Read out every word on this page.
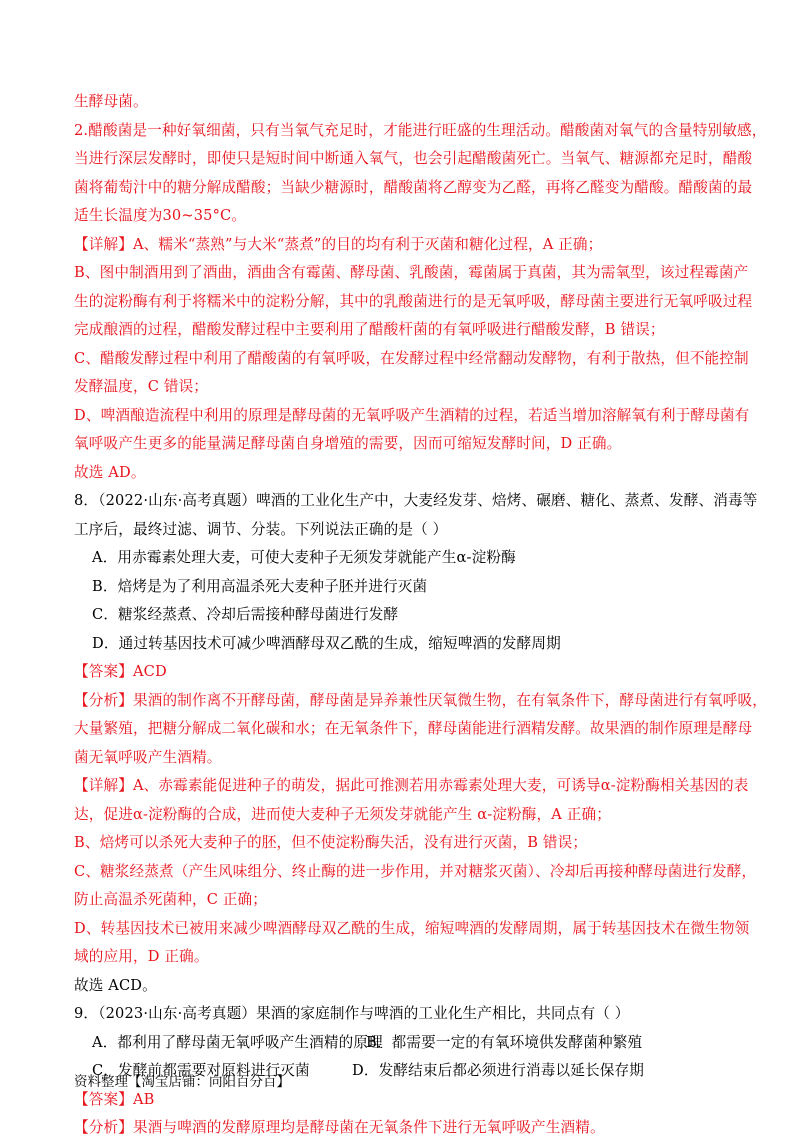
生酵母菌。
2.醋酸菌是一种好氧细菌，只有当氧气充足时，才能进行旺盛的生理活动。醋酸菌对氧气的含量特别敏感，
当进行深层发酵时，即使只是短时间中断通入氧气，也会引起醋酸菌死亡。当氧气、糖源都充足时，醋酸
菌将葡萄汁中的糖分解成醋酸；当缺少糖源时，醋酸菌将乙醇变为乙醛，再将乙醛变为醋酸。醋酸菌的最
适生长温度为30~35°C。
【详解】A、糯米“蒸熟”与大米“蒸煮”的目的均有利于灭菌和糖化过程，A 正确；
B、图中制酒用到了酒曲，酒曲含有霉菌、酵母菌、乳酸菌，霉菌属于真菌，其为需氧型，该过程霉菌产
生的淀粉酶有利于将糯米中的淀粉分解，其中的乳酸菌进行的是无氧呼吸，酵母菌主要进行无氧呼吸过程
完成酿酒的过程，醋酸发酵过程中主要利用了醋酸杆菌的有氧呼吸进行醋酸发酵，B 错误；
C、醋酸发酵过程中利用了醋酸菌的有氧呼吸，在发酵过程中经常翻动发酵物，有利于散热，但不能控制
发酵温度，C 错误；
D、啤酒酿造流程中利用的原理是酵母菌的无氧呼吸产生酒精的过程，若适当增加溶解氧有利于酵母菌有
氧呼吸产生更多的能量满足酵母菌自身增殖的需要，因而可缩短发酵时间，D 正确。
故选 AD。
8．（2022·山东·高考真题）啤酒的工业化生产中，大麦经发芽、焙烤、碾磨、糖化、蒸煮、发酵、消毒等
工序后，最终过滤、调节、分装。下列说法正确的是（ ）
A．用赤霉素处理大麦，可使大麦种子无须发芽就能产生α-淀粉酶
B．焙烤是为了利用高温杀死大麦种子胚并进行灭菌
C．糖浆经蒸煮、冷却后需接种酵母菌进行发酵
D．通过转基因技术可减少啤酒酵母双乙酰的生成，缩短啤酒的发酵周期
【答案】ACD
【分析】果酒的制作离不开酵母菌，酵母菌是异养兼性厌氧微生物，在有氧条件下，酵母菌进行有氧呼吸，
大量繁殖，把糖分解成二氧化碳和水；在无氧条件下，酵母菌能进行酒精发酵。故果酒的制作原理是酵母
菌无氧呼吸产生酒精。
【详解】A、赤霉素能促进种子的萌发，据此可推测若用赤霉素处理大麦，可诱导α-淀粉酶相关基因的表
达，促进α-淀粉酶的合成，进而使大麦种子无须发芽就能产生 α-淀粉酶，A 正确；
B、焙烤可以杀死大麦种子的胚，但不使淀粉酶失活，没有进行灭菌，B 错误；
C、糖浆经蒸煮（产生风味组分、终止酶的进一步作用，并对糖浆灭菌）、冷却后再接种酵母菌进行发酵，
防止高温杀死菌种，C 正确；
D、转基因技术已被用来减少啤酒酵母双乙酰的生成，缩短啤酒的发酵周期，属于转基因技术在微生物领
域的应用，D 正确。
故选 ACD。
9．（2023·山东·高考真题）果酒的家庭制作与啤酒的工业化生产相比，共同点有（ ）
A．都利用了酵母菌无氧呼吸产生酒精的原理
B．都需要一定的有氧环境供发酵菌种繁殖
C．发酵前都需要对原料进行灭菌	D．发酵结束后都必须进行消毒以延长保存期
【答案】AB
【分析】果酒与啤酒的发酵原理均是酵母菌在无氧条件下进行无氧呼吸产生酒精。
资料整理【淘宝店铺：向阳百分百】
